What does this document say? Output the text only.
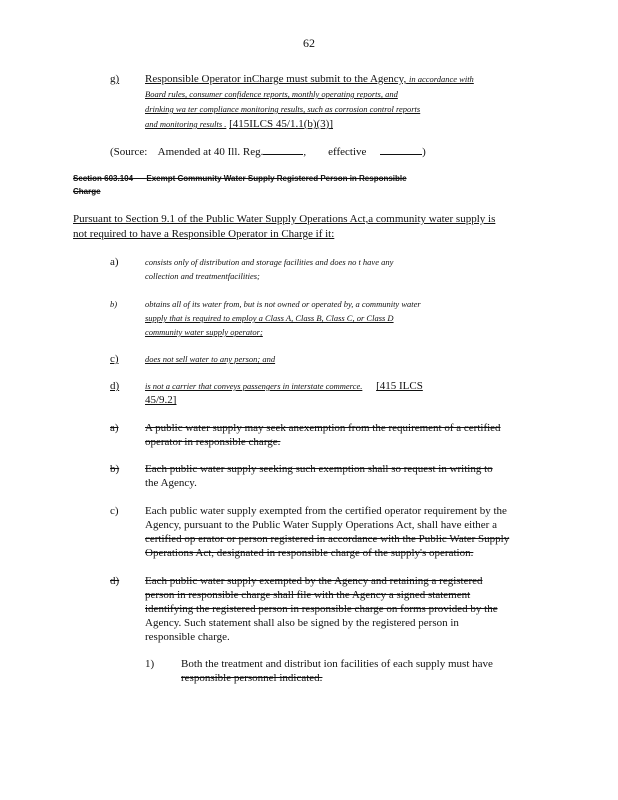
62
g) Responsible Operator inCharge must submit to the Agency, in accordance with
Board rules, consumer confidence reports, monthly operating reports, and
drinking wa ter compliance monitoring results, such as corrosion control reports
and monitoring results . [415ILCS 45/1.1(b)(3)]
(Source: Amended at 40 Ill. Reg.	,        effective	)
Section 603.104 Exempt Community Water Supply Registered Person in Responsible
Charge
Pursuant to Section 9.1 of the Public Water Supply Operations Act,a community water supply is
not required to have a Responsible Operator in Charge if it:
a)	consists only of distribution and storage facilities and does no t have any
collection and treatmentfacilities;
b)	obtains all of its water from, but is not owned or operated by, a community water
supply that is required to employ a Class A, Class B, Class C, or Class D
community water supply operator;
c)	does not sell water to any person; and
d)	is not a carrier that conveys passengers in interstate commerce. [415 ILCS
45/9.2]
a) A public water supply may seek anexemption from the requirement of a certified
operator in responsible charge.
b) Each public water supply seeking such exemption shall so request in writing to
the Agency.
c) Each public water supply exempted from the certified operator requirement by the
Agency, pursuant to the Public Water Supply Operations Act, shall have either a
certified op erator or person registered in accordance with the Public Water Supply
Operations Act, designated in responsible charge of the supply's operation.
d) Each public water supply exempted by the Agency and retaining a registered
person in responsible charge shall file with the Agency a signed statement
identifying the registered person in responsible charge on forms provided by the
Agency. Such statement shall also be signed by the registered person in
responsible charge.
1) Both the treatment and distribut ion facilities of each supply must have
responsible personnel indicated.
